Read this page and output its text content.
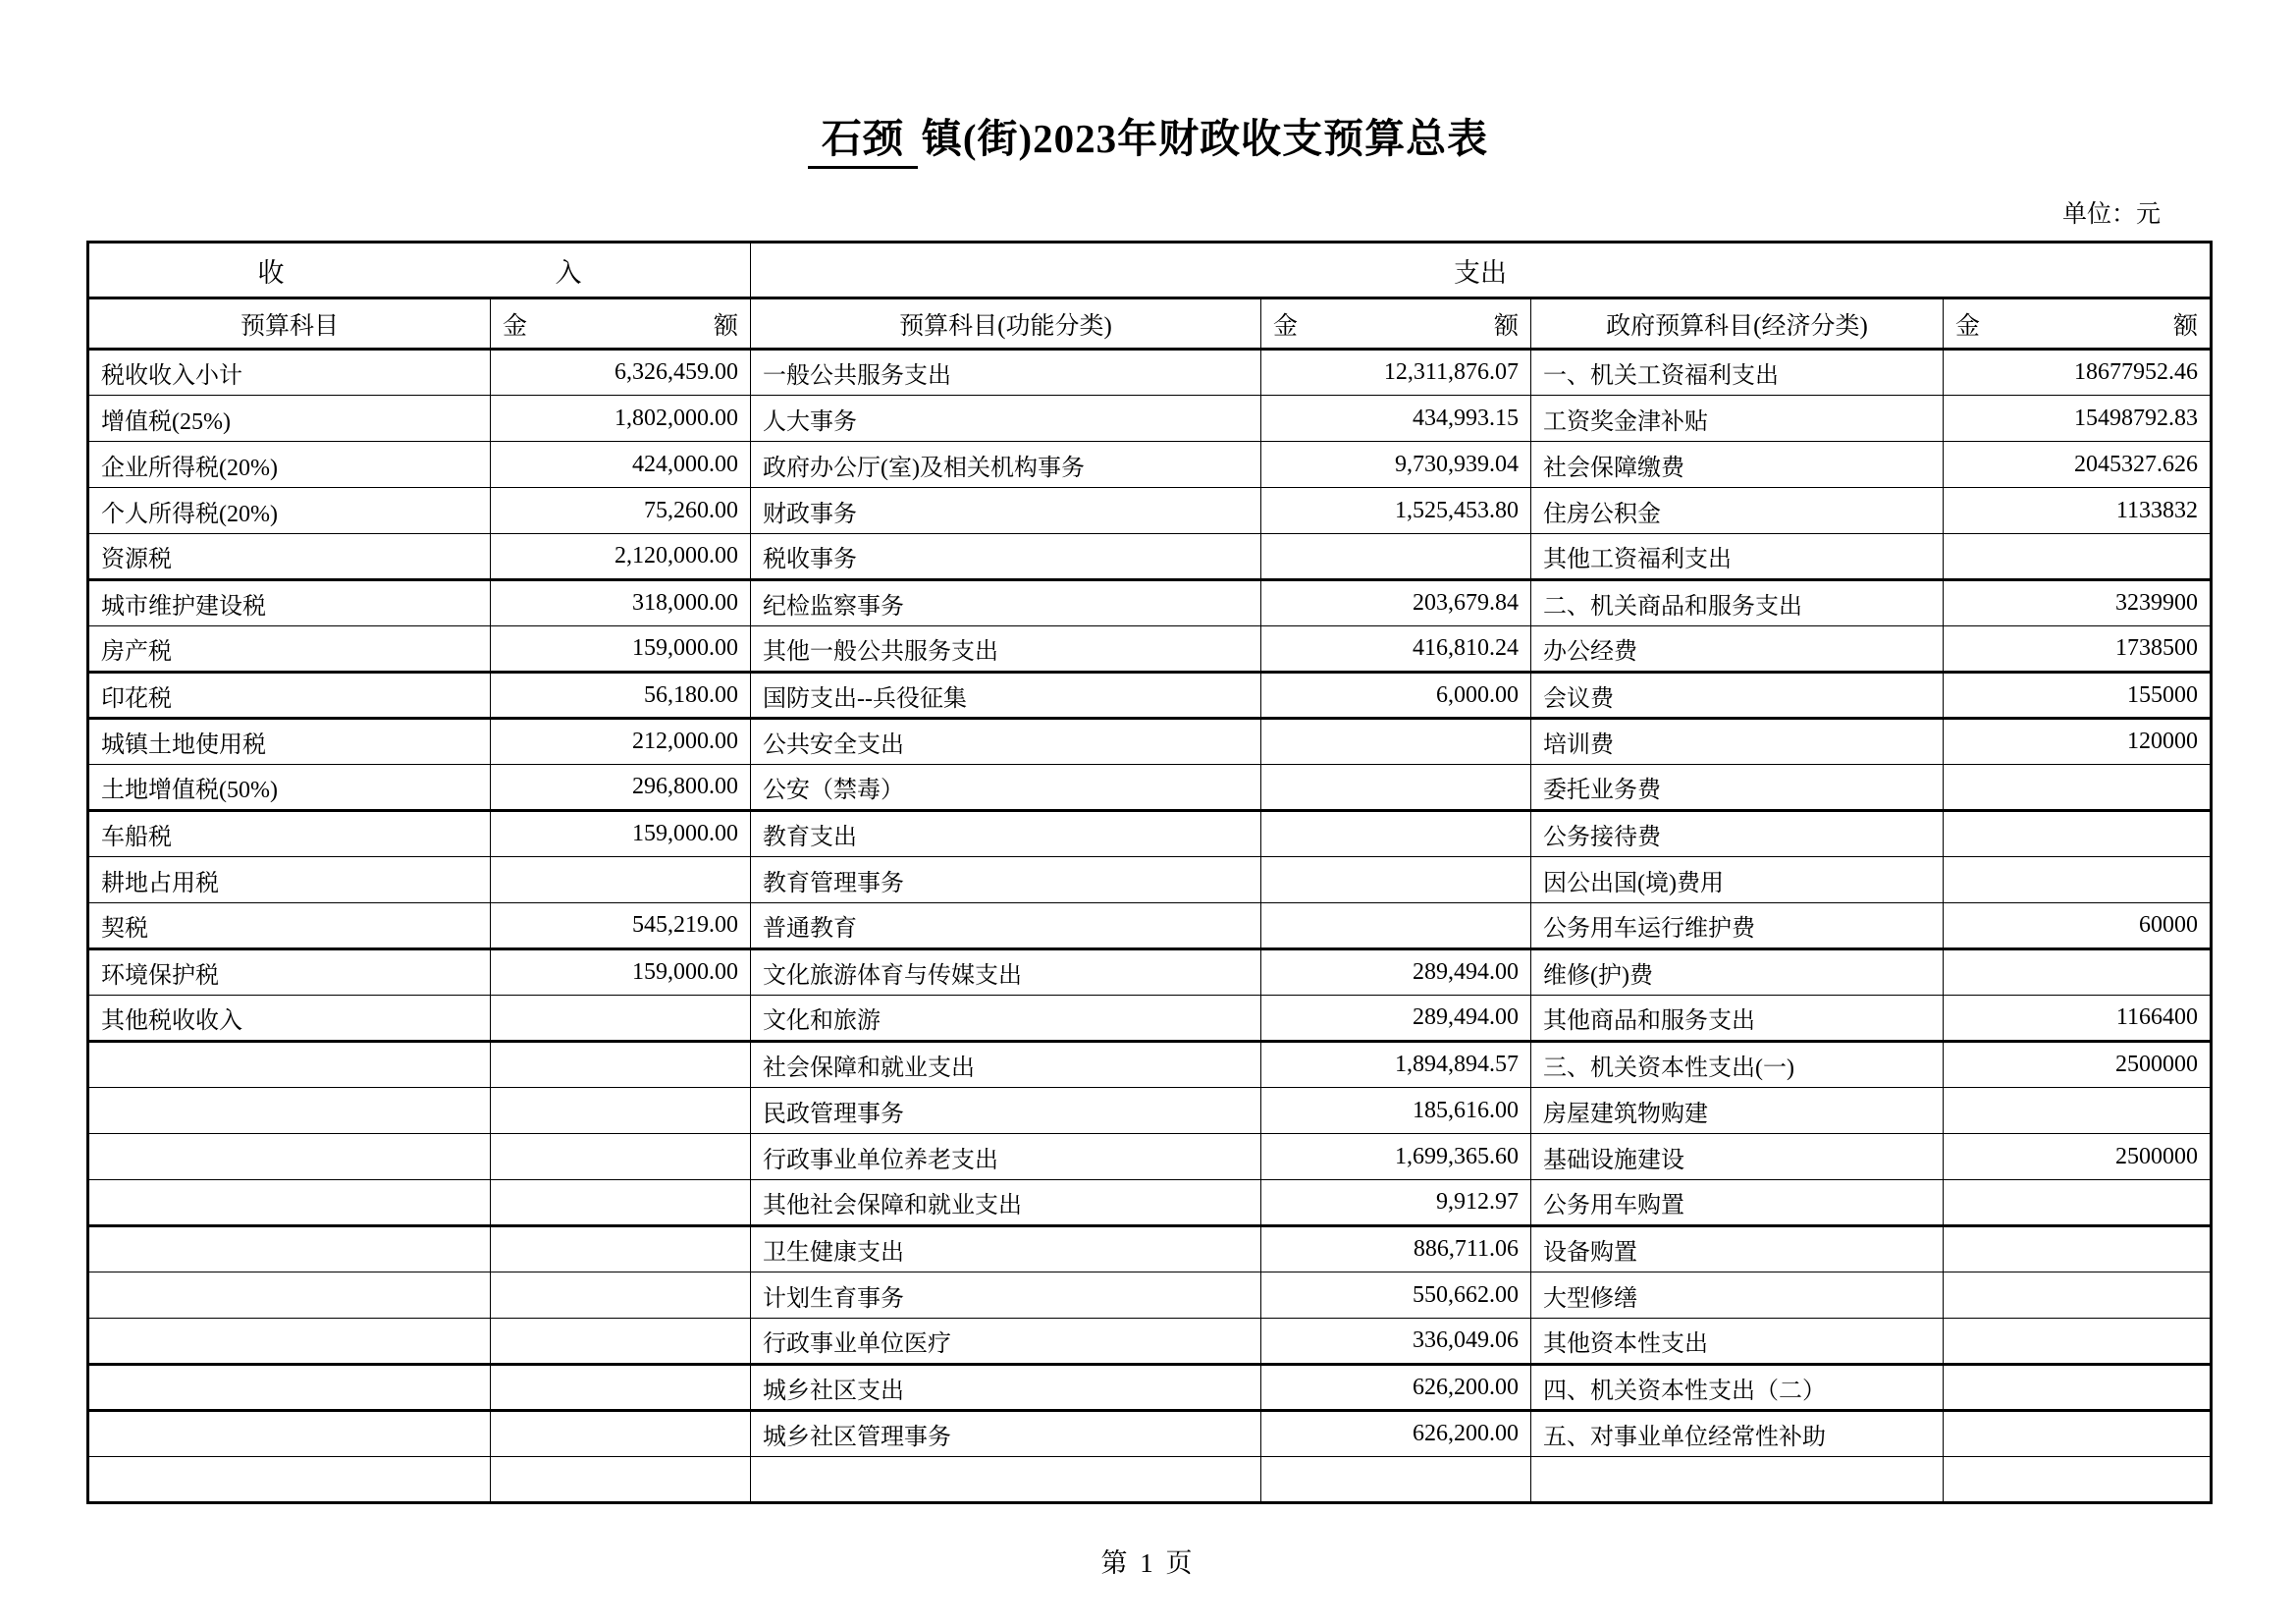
石颈 镇(街)2023年财政收支预算总表
单位：元
收入		支出			
预算科目	金额	预算科目(功能分类)	金额	政府预算科目(经济分类)	金额
税收收入小计	6,326,459.00	一般公共服务支出	12,311,876.07	一、机关工资福利支出	18677952.46
增值税(25%)	1,802,000.00	人大事务	434,993.15	工资奖金津补贴	15498792.83
企业所得税(20%)	424,000.00	政府办公厅(室)及相关机构事务	9,730,939.04	社会保障缴费	2045327.626
个人所得税(20%)	75,260.00	财政事务	1,525,453.80	住房公积金	1133832
资源税	2,120,000.00	税收事务		其他工资福利支出	
城市维护建设税	318,000.00	纪检监察事务	203,679.84	二、机关商品和服务支出	3239900
房产税	159,000.00	其他一般公共服务支出	416,810.24	办公经费	1738500
印花税	56,180.00	国防支出--兵役征集	6,000.00	会议费	155000
城镇土地使用税	212,000.00	公共安全支出		培训费	120000
土地增值税(50%)	296,800.00	公安（禁毒）		委托业务费	
车船税	159,000.00	教育支出		公务接待费	
耕地占用税		教育管理事务		因公出国(境)费用	
契税	545,219.00	普通教育		公务用车运行维护费	60000
环境保护税	159,000.00	文化旅游体育与传媒支出	289,494.00	维修(护)费	
其他税收收入		文化和旅游	289,494.00	其他商品和服务支出	1166400
		社会保障和就业支出	1,894,894.57	三、机关资本性支出(一)	2500000
		民政管理事务	185,616.00	房屋建筑物购建	
		行政事业单位养老支出	1,699,365.60	基础设施建设	2500000
		其他社会保障和就业支出	9,912.97	公务用车购置	
		卫生健康支出	886,711.06	设备购置	
		计划生育事务	550,662.00	大型修缮	
		行政事业单位医疗	336,049.06	其他资本性支出	
		城乡社区支出	626,200.00	四、机关资本性支出（二）	
		城乡社区管理事务	626,200.00	五、对事业单位经常性补助	

第 1 页
